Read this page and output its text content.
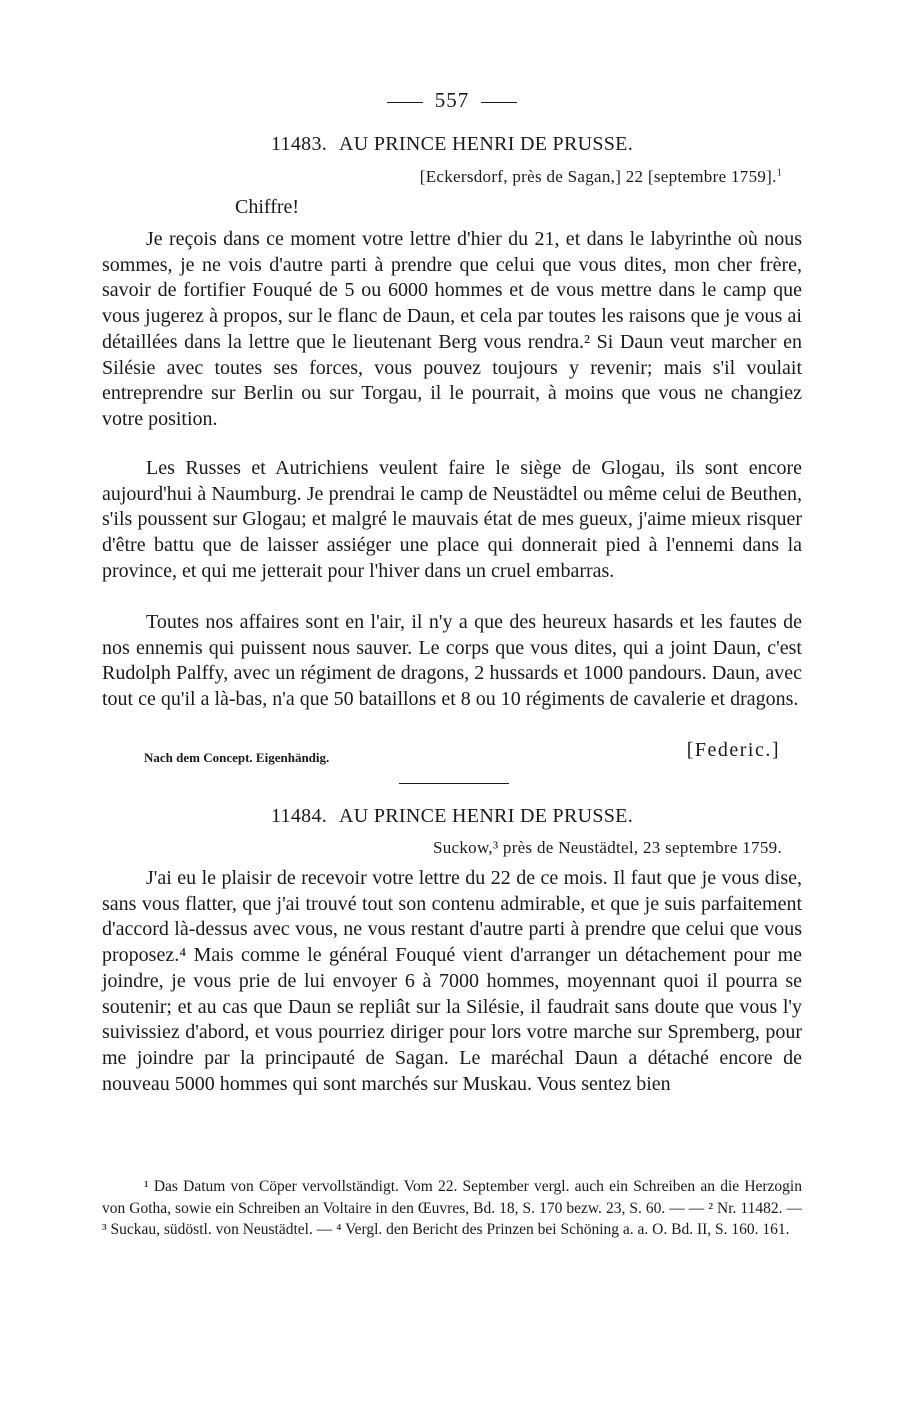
557
11483. AU PRINCE HENRI DE PRUSSE.
[Eckersdorf, près de Sagan,] 22 [septembre 1759].$^1$
Chiffre!

Je reçois dans ce moment votre lettre d'hier du 21, et dans le labyrinthe où nous sommes, je ne vois d'autre parti à prendre que celui que vous dites, mon cher frère, savoir de fortifier Fouqué de 5 ou 6000 hommes et de vous mettre dans le camp que vous jugerez à propos, sur le flanc de Daun, et cela par toutes les raisons que je vous ai détaillées dans la lettre que le lieutenant Berg vous rendra.² Si Daun veut marcher en Silésie avec toutes ses forces, vous pouvez toujours y revenir; mais s'il voulait entreprendre sur Berlin ou sur Torgau, il le pourrait, à moins que vous ne changiez votre position.

Les Russes et Autrichiens veulent faire le siège de Glogau, ils sont encore aujourd'hui à Naumburg. Je prendrai le camp de Neustädtel ou même celui de Beuthen, s'ils poussent sur Glogau; et malgré le mauvais état de mes gueux, j'aime mieux risquer d'être battu que de laisser assiéger une place qui donnerait pied à l'ennemi dans la province, et qui me jetterait pour l'hiver dans un cruel embarras.

Toutes nos affaires sont en l'air, il n'y a que des heureux hasards et les fautes de nos ennemis qui puissent nous sauver. Le corps que vous dites, qui a joint Daun, c'est Rudolph Palffy, avec un régiment de dragons, 2 hussards et 1000 pandours. Daun, avec tout ce qu'il a là-bas, n'a que 50 bataillons et 8 ou 10 régiments de cavalerie et dragons.

Nach dem Concept. Eigenhändig.	[Federic.]
11484. AU PRINCE HENRI DE PRUSSE.
Suckow,³ près de Neustädtel, 23 septembre 1759.

J'ai eu le plaisir de recevoir votre lettre du 22 de ce mois. Il faut que je vous dise, sans vous flatter, que j'ai trouvé tout son contenu admirable, et que je suis parfaitement d'accord là-dessus avec vous, ne vous restant d'autre parti à prendre que celui que vous proposez.⁴ Mais comme le général Fouqué vient d'arranger un détachement pour me joindre, je vous prie de lui envoyer 6 à 7000 hommes, moyennant quoi il pourra se soutenir; et au cas que Daun se repliât sur la Silésie, il faudrait sans doute que vous l'y suivissiez d'abord, et vous pourriez diriger pour lors votre marche sur Spremberg, pour me joindre par la principauté de Sagan. Le maréchal Daun a détaché encore de nouveau 5000 hommes qui sont marchés sur Muskau. Vous sentez bien

¹ Das Datum von Cöper vervollständigt. Vom 22. September vergl. auch ein Schreiben an die Herzogin von Gotha, sowie ein Schreiben an Voltaire in den Œuvres, Bd. 18, S. 170 bezw. 23, S. 60. — — ² Nr. 11482. — ³ Suckau, südöstl. von Neustädtel. — ⁴ Vergl. den Bericht des Prinzen bei Schöning a. a. O. Bd. II, S. 160. 161.
